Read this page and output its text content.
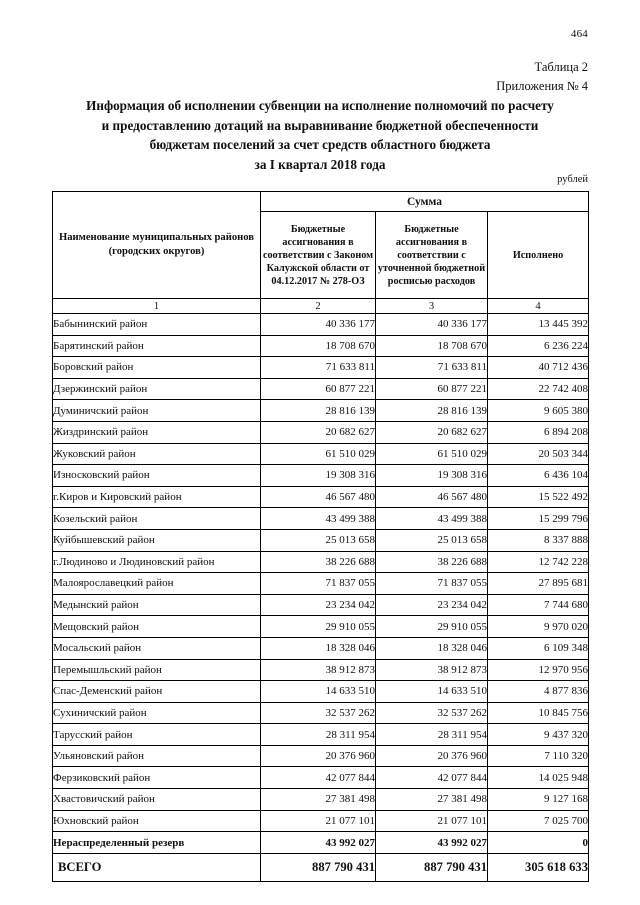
464
Таблица 2
Приложения № 4
Информация об исполнении субвенции на исполнение полномочий по расчету
и предоставлению дотаций на выравнивание бюджетной обеспеченности
бюджетам поселений за счет средств областного бюджета
за I квартал 2018 года
рублей
Наименование муниципальных районов (городских округов)	Сумма		
	Бюджетные ассигнования в соответствии с Законом Калужской области от 04.12.2017 № 278-ОЗ	Бюджетные ассигнования в соответствии с уточненной бюджетной росписью расходов	Исполнено
1	2	3	4
Бабынинский район	40 336 177	40 336 177	13 445 392
Барятинский район	18 708 670	18 708 670	6 236 224
Боровский район	71 633 811	71 633 811	40 712 436
Дзержинский район	60 877 221	60 877 221	22 742 408
Думиничский район	28 816 139	28 816 139	9 605 380
Жиздринский район	20 682 627	20 682 627	6 894 208
Жуковский район	61 510 029	61 510 029	20 503 344
Износковский район	19 308 316	19 308 316	6 436 104
г.Киров и Кировский район	46 567 480	46 567 480	15 522 492
Козельский район	43 499 388	43 499 388	15 299 796
Куйбышевский район	25 013 658	25 013 658	8 337 888
г.Людиново и Людиновский район	38 226 688	38 226 688	12 742 228
Малоярославецкий район	71 837 055	71 837 055	27 895 681
Медынский район	23 234 042	23 234 042	7 744 680
Мещовский район	29 910 055	29 910 055	9 970 020
Мосальский район	18 328 046	18 328 046	6 109 348
Перемышльский район	38 912 873	38 912 873	12 970 956
Спас-Деменский район	14 633 510	14 633 510	4 877 836
Сухиничский район	32 537 262	32 537 262	10 845 756
Тарусский район	28 311 954	28 311 954	9 437 320
Ульяновский район	20 376 960	20 376 960	7 110 320
Ферзиковский район	42 077 844	42 077 844	14 025 948
Хвастовичский район	27 381 498	27 381 498	9 127 168
Юхновский район	21 077 101	21 077 101	7 025 700
Нераспределенный резерв	43 992 027	43 992 027	0
ВСЕГО	887 790 431	887 790 431	305 618 633
